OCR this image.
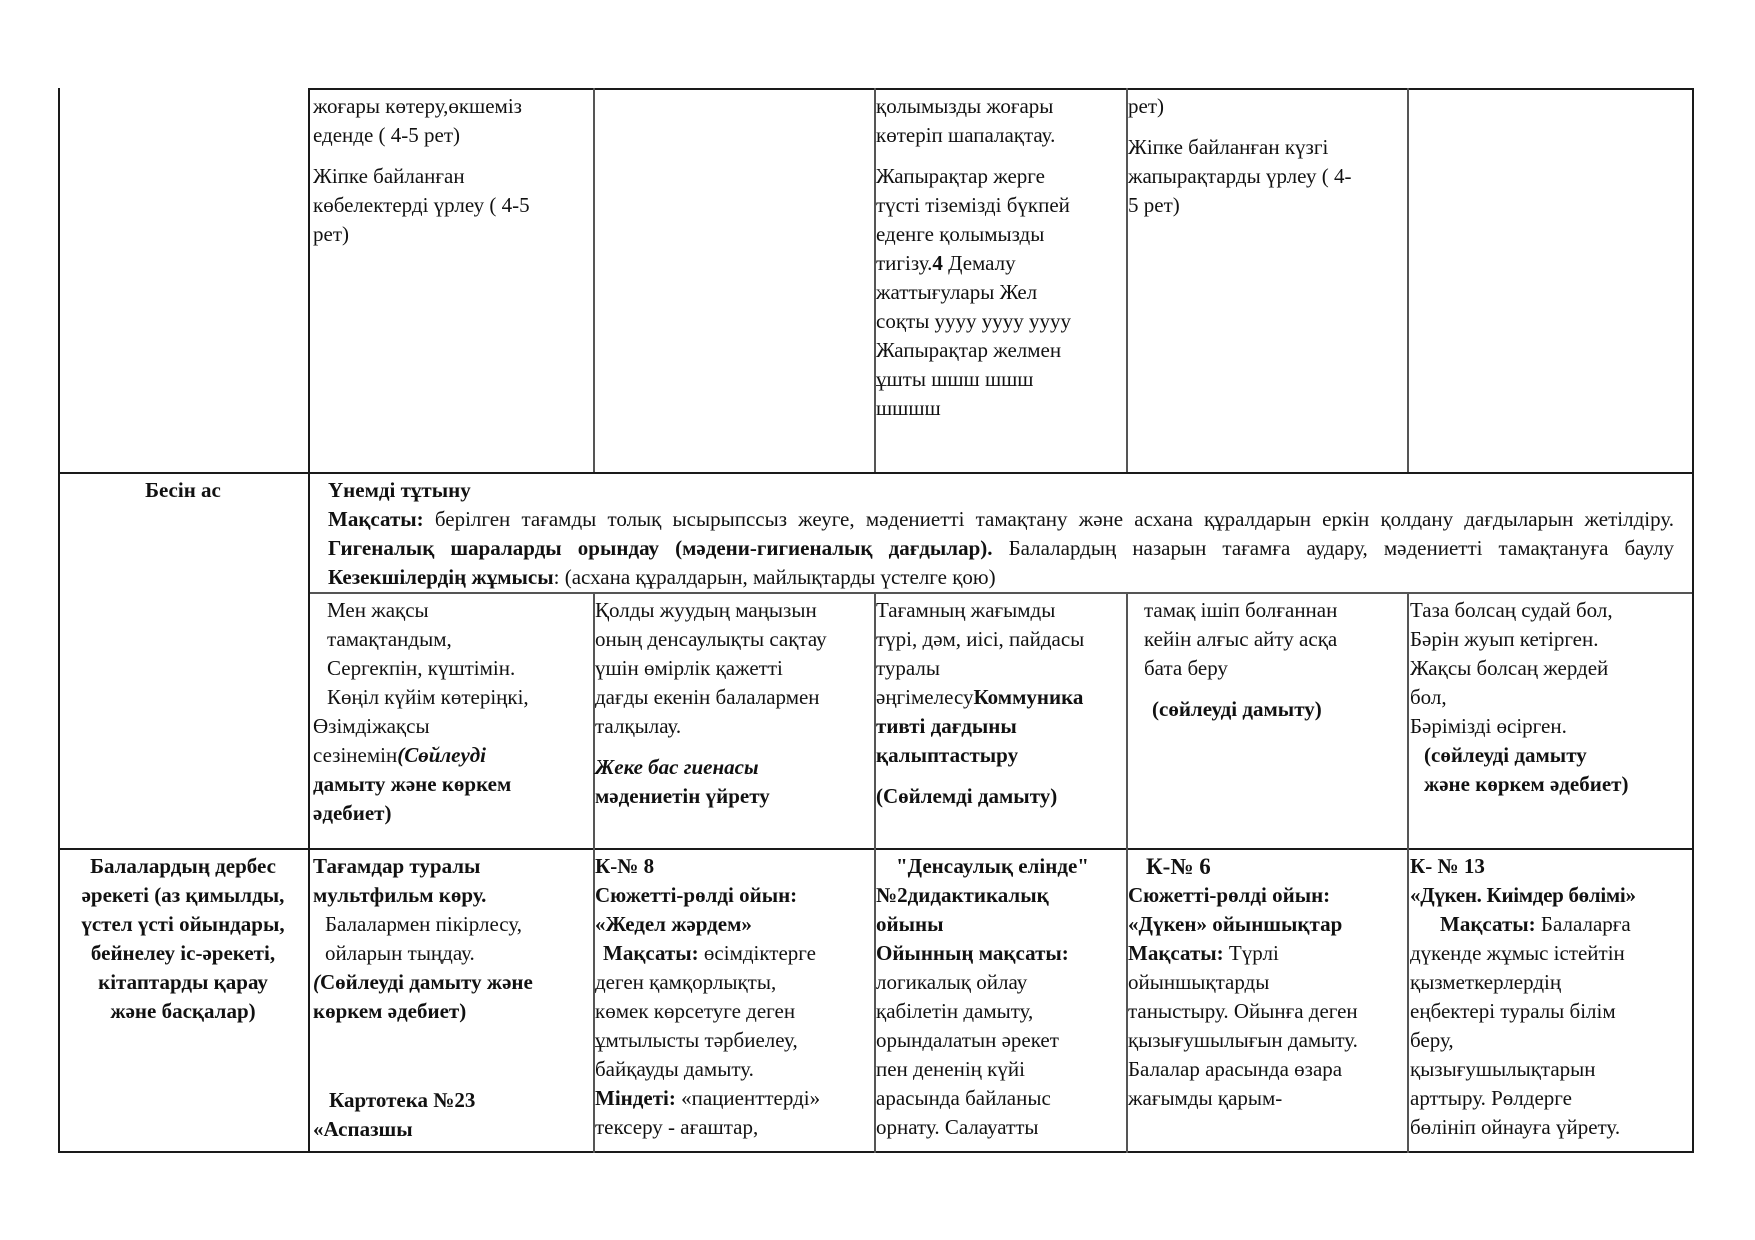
жоғары көтеру,өкшеміз

еденде ( 4-5 рет)

Жіпке байланған

көбелектерді үрлеу ( 4-5

рет)

қолымызды жоғары

көтеріп шапалақтау.

Жапырақтар жерге

түсті тіземізді бүкпей

еденге қолымызды

тигізу.4 Демалу

жаттығулары Жел

соқты уууу уууу уууу

Жапырақтар желмен

ұшты шшш шшш

шшшш

рет)

Жіпке байланған күзгі

жапырақтарды үрлеу ( 4-

5 рет)

Бесін ас	Үнемді тұтыну

Мақсаты: берілген тағамды толық ысырыпссыз жеуге, мәдениетті тамақтану және асхана құралдарын еркін қолдану дағдыларын жетілдіру. Гигеналық шараларды орындау (мәдени-гигиеналық дағдылар). Балалардың назарын тағамға аудару, мәдениетті тамақтануға баулу Кезекшілердің жұмысы: (асхана құралдарын, майлықтарды үстелге қою)

Мен жақсы

тамақтандым,

Сергекпін, күштімін.

Көңіл күйім көтеріңкі,

Өзімдіжақсы

сезінемін(Сөйлеуді

дамыту және көркем

әдебиет)

Қолды жуудың маңызын

оның денсаулықты сақтау

үшін өмірлік қажетті

дағды екенін балалармен

талқылау.

Жеке бас гиенасы

мәдениетін үйрету

Тағамның жағымды

түрі, дәм, иісі, пайдасы

туралы

әңгімелесуКоммуника

тивті дағдыны

қалыптастыру

(Сөйлемді дамыту)

тамақ ішіп болғаннан

кейін алғыс айту асқа

бата беру

(сөйлеуді дамыту)

Таза болсаң судай бол,

Бәрін жуып кетірген.

Жақсы болсаң жердей

бол,

Бәрімізді өсірген.

(сөйлеуді дамыту

және көркем әдебиет)

Балалардың дербес

әрекеті (аз қимылды,

үстел үсті ойындары,

бейнелеу іс-әрекеті,

кітаптарды қарау

және басқалар)

Тағамдар туралы

мультфильм көру.

Балалармен пікірлесу,

ойларын тыңдау.

(Сөйлеуді дамыту және

көркем әдебиет)

Картотека №23

«Аспазшы

К-№ 8

Сюжетті-рөлді ойын:

«Жедел жәрдем»

Мақсаты: өсімдіктерге

деген қамқорлықты,

көмек көрсетуге деген

ұмтылысты тәрбиелеу,

байқауды дамыту.

Міндеті: «пациенттерді»

тексеру - ағаштар,

"Денсаулық елінде"

№2дидактикалық

ойыны

Ойынның мақсаты:

логикалық ойлау

қабілетін дамыту,

орындалатын әрекет

пен дененің күйі

арасында байланыс

орнату. Салауатты

К-№ 6

Сюжетті-рөлді ойын:

«Дүкен» ойыншықтар

Мақсаты: Түрлі

ойыншықтарды

таныстыру. Ойынға деген

қызығушылығын дамыту.

Балалар арасында өзара

жағымды қарым-

К- № 13

«Дүкен. Киімдер бөлімі»

Мақсаты: Балаларға

дүкенде жұмыс істейтін

қызметкерлердің

еңбектері туралы білім

беру,

қызығушылықтарын

арттыру. Рөлдерге

бөлініп ойнауға үйрету.
